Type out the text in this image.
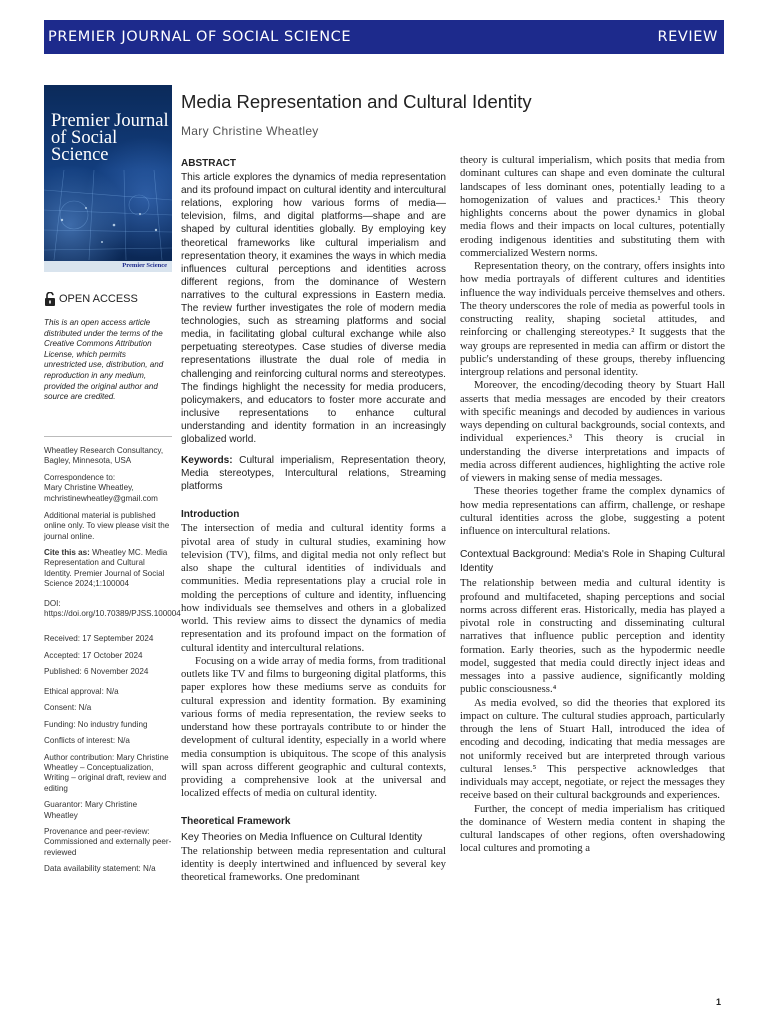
PREMIER JOURNAL OF SOCIAL SCIENCE	REVIEW
Premier Journal of Social Science
Premier Science
OPEN ACCESS
This is an open access article distributed under the terms of the Creative Commons Attribution License, which permits unrestricted use, distribution, and reproduction in any medium, provided the original author and source are credited.
Wheatley Research Consultancy, Bagley, Minnesota, USA
Correspondence to:
Mary Christine Wheatley, mchristinewheatley@gmail.com
Additional material is published online only. To view please visit the journal online.
Cite this as: Wheatley MC. Media Representation and Cultural Identity. Premier Journal of Social Science 2024;1:100004
DOI: https://doi.org/10.70389/PJSS.100004
Received: 17 September 2024
Accepted: 17 October 2024
Published: 6 November 2024
Ethical approval: N/a
Consent: N/a
Funding: No industry funding
Conflicts of interest: N/a
Author contribution: Mary Christine Wheatley – Conceptualization, Writing – original draft, review and editing
Guarantor: Mary Christine Wheatley
Provenance and peer-review: Commissioned and externally peer-reviewed
Data availability statement: N/a
Media Representation and Cultural Identity
Mary Christine Wheatley
ABSTRACT
This article explores the dynamics of media representation and its profound impact on cultural identity and intercultural relations, exploring how various forms of media—television, films, and digital platforms—shape and are shaped by cultural identities globally. By employing key theoretical frameworks like cultural imperialism and representation theory, it examines the ways in which media influences cultural perceptions and identities across different regions, from the dominance of Western narratives to the cultural expressions in Eastern media. The review further investigates the role of modern media technologies, such as streaming platforms and social media, in facilitating global cultural exchange while also perpetuating stereotypes. Case studies of diverse media representations illustrate the dual role of media in challenging and reinforcing cultural norms and stereotypes. The findings highlight the necessity for media producers, policymakers, and educators to foster more accurate and inclusive representations to enhance cultural understanding and identity formation in an increasingly globalized world.
Keywords: Cultural imperialism, Representation theory, Media stereotypes, Intercultural relations, Streaming platforms
Introduction
The intersection of media and cultural identity forms a pivotal area of study in cultural studies, examining how television (TV), films, and digital media not only reflect but also shape the cultural identities of individuals and communities. Media representations play a crucial role in molding the perceptions of culture and identity, influencing how individuals see themselves and others in a globalized world. This review aims to dissect the dynamics of media representation and its profound impact on the formation of cultural identity and intercultural relations.
Focusing on a wide array of media forms, from traditional outlets like TV and films to burgeoning digital platforms, this paper explores how these mediums serve as conduits for cultural expression and identity formation. By examining various forms of media representation, the review seeks to understand how these portrayals contribute to or hinder the development of cultural identity, especially in a world where media consumption is ubiquitous. The scope of this analysis will span across different geographic and cultural contexts, providing a comprehensive look at the universal and localized effects of media on cultural identity.
Theoretical Framework
Key Theories on Media Influence on Cultural Identity
The relationship between media representation and cultural identity is deeply intertwined and influenced by several key theoretical frameworks. One predominant
theory is cultural imperialism, which posits that media from dominant cultures can shape and even dominate the cultural landscapes of less dominant ones, potentially leading to a homogenization of values and practices.¹ This theory highlights concerns about the power dynamics in global media flows and their impacts on local cultures, potentially eroding indigenous identities and substituting them with commercialized Western norms.
Representation theory, on the contrary, offers insights into how media portrayals of different cultures and identities influence the way individuals perceive themselves and others. The theory underscores the role of media as powerful tools in constructing reality, shaping societal attitudes, and reinforcing or challenging stereotypes.² It suggests that the way groups are represented in media can affirm or distort the public's understanding of these groups, thereby influencing intergroup relations and personal identity.
Moreover, the encoding/decoding theory by Stuart Hall asserts that media messages are encoded by their creators with specific meanings and decoded by audiences in various ways depending on cultural backgrounds, social contexts, and individual experiences.³ This theory is crucial in understanding the diverse interpretations and impacts of media across different audiences, highlighting the active role of viewers in making sense of media messages.
These theories together frame the complex dynamics of how media representations can affirm, challenge, or reshape cultural identities across the globe, suggesting a potent influence on intercultural relations.
Contextual Background: Media's Role in Shaping Cultural Identity
The relationship between media and cultural identity is profound and multifaceted, shaping perceptions and social norms across different eras. Historically, media has played a pivotal role in constructing and disseminating cultural narratives that influence public perception and identity formation. Early theories, such as the hypodermic needle model, suggested that media could directly inject ideas and messages into a passive audience, significantly molding public consciousness.⁴
As media evolved, so did the theories that explored its impact on culture. The cultural studies approach, particularly through the lens of Stuart Hall, introduced the idea of encoding and decoding, indicating that media messages are not uniformly received but are interpreted through various cultural lenses.⁵ This perspective acknowledges that individuals may accept, negotiate, or reject the messages they receive based on their cultural backgrounds and experiences.
Further, the concept of media imperialism has critiqued the dominance of Western media content in shaping the cultural landscapes of other regions, often overshadowing local cultures and promoting a
1
